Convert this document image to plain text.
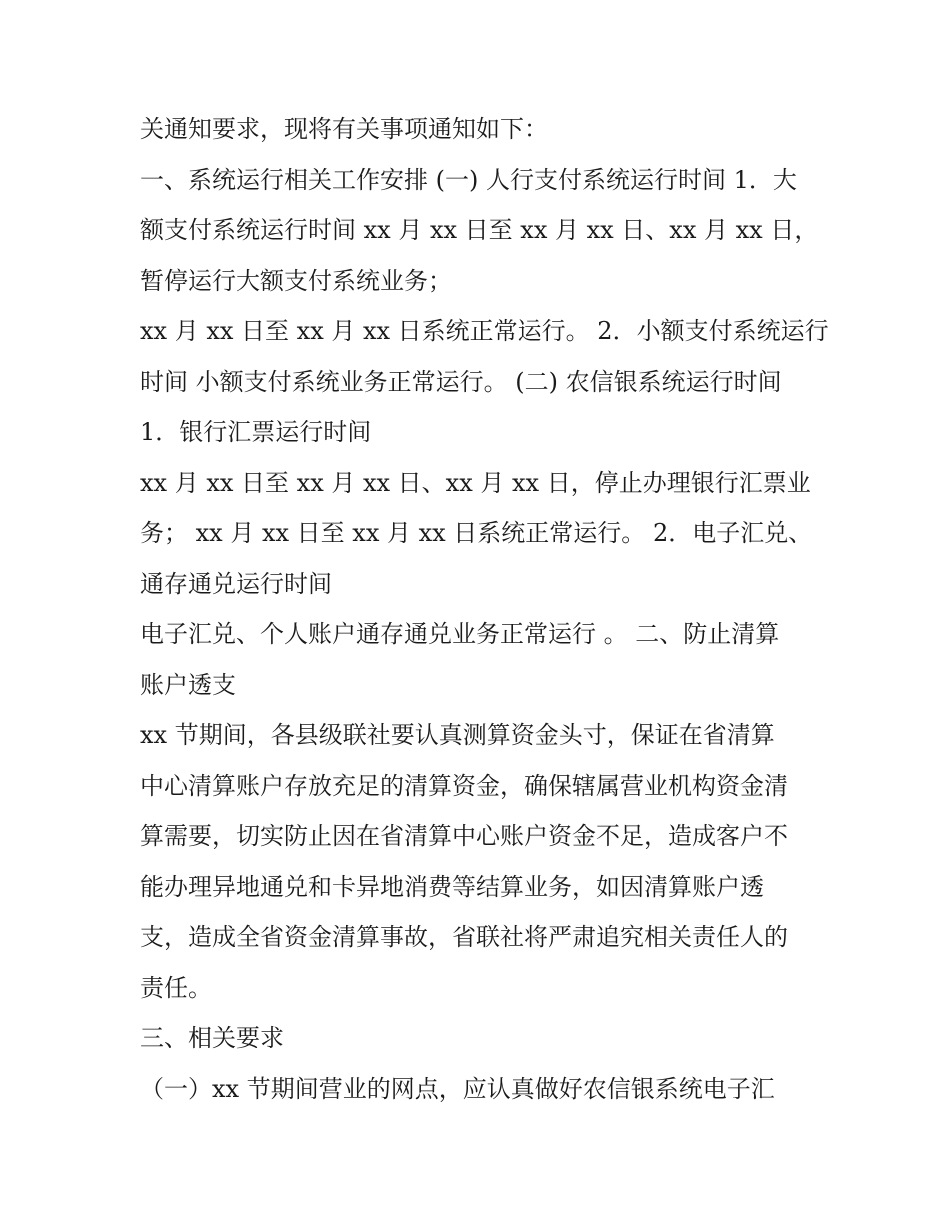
关通知要求，现将有关事项通知如下：
一、系统运行相关工作安排 (一) 人行支付系统运行时间 1．大
额支付系统运行时间 xx 月 xx 日至 xx 月 xx 日、xx 月 xx 日，
暂停运行大额支付系统业务；
xx 月 xx 日至 xx 月 xx 日系统正常运行。 2．小额支付系统运行
时间 小额支付系统业务正常运行。 (二) 农信银系统运行时间
1．银行汇票运行时间
xx 月 xx 日至 xx 月 xx 日、xx 月 xx 日，停止办理银行汇票业
务； xx 月 xx 日至 xx 月 xx 日系统正常运行。 2．电子汇兑、
通存通兑运行时间
电子汇兑、个人账户通存通兑业务正常运行 。 二、防止清算
账户透支
xx 节期间，各县级联社要认真测算资金头寸，保证在省清算
中心清算账户存放充足的清算资金，确保辖属营业机构资金清
算需要，切实防止因在省清算中心账户资金不足，造成客户不
能办理异地通兑和卡异地消费等结算业务，如因清算账户透
支，造成全省资金清算事故，省联社将严肃追究相关责任人的
责任。
三、相关要求
（一）xx 节期间营业的网点，应认真做好农信银系统电子汇
